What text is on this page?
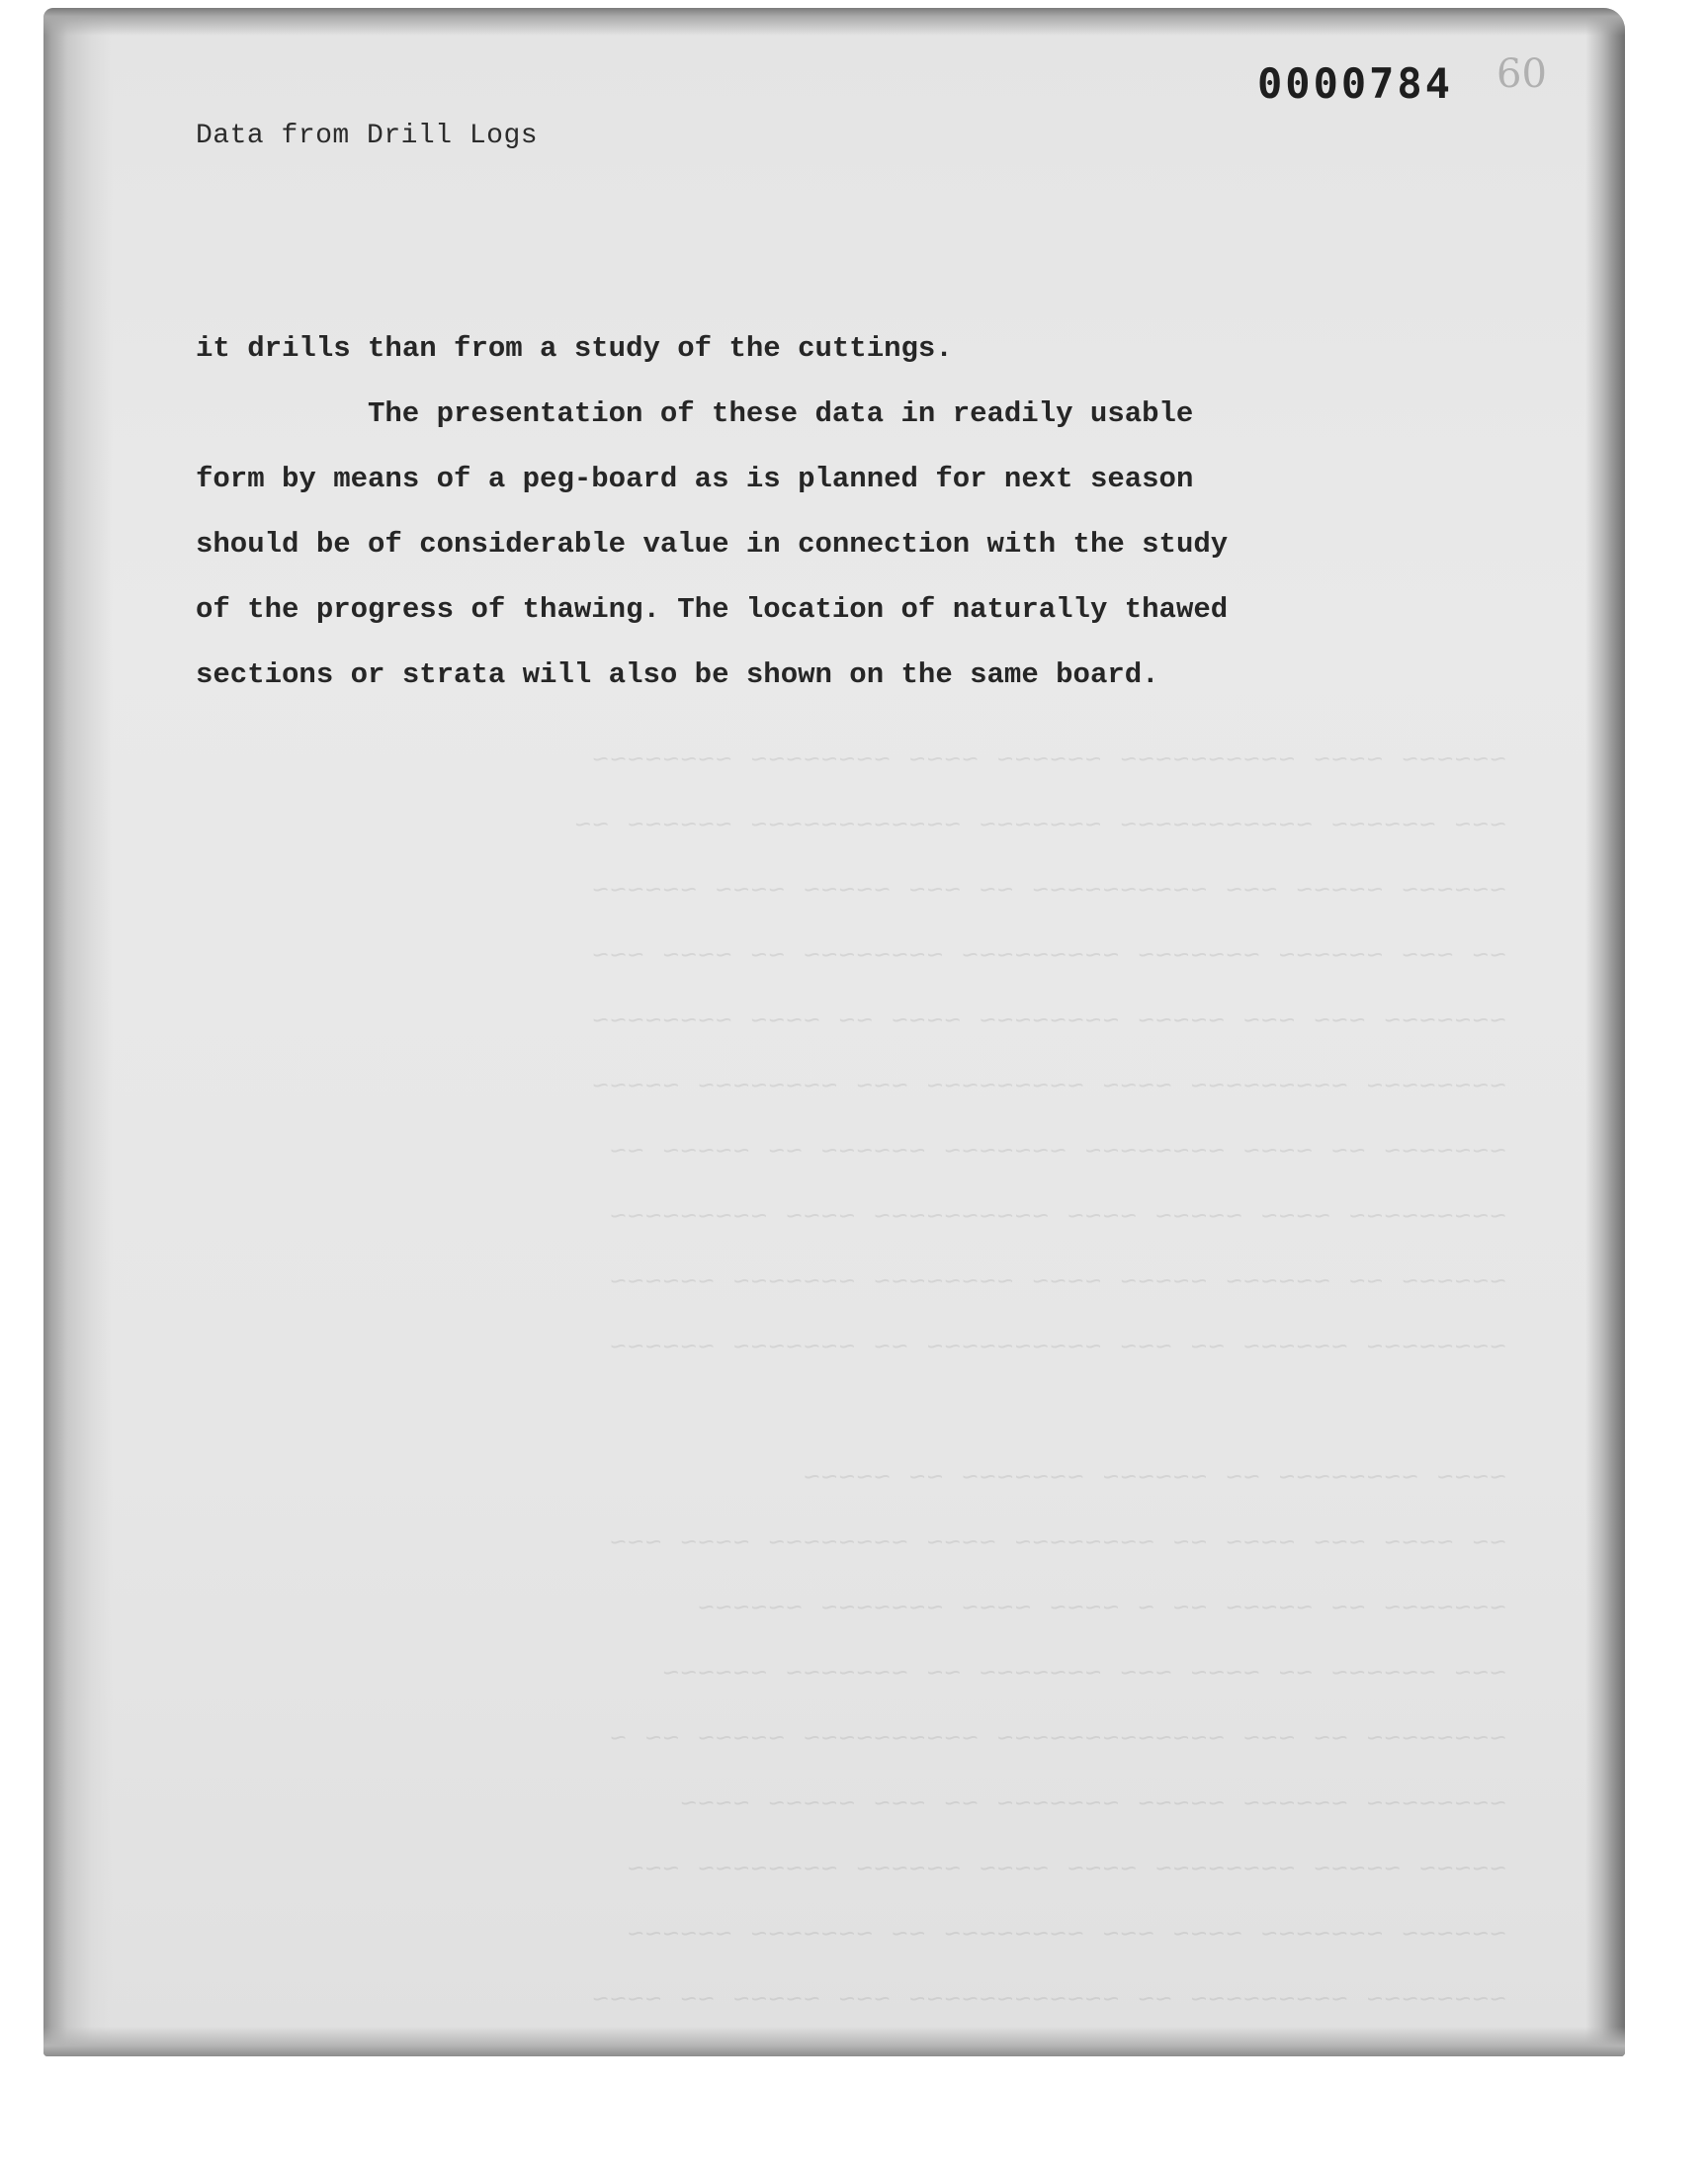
~~~~~~ ~~~~ ~~~~~~~~~~ ~~~~~~ ~~~~ ~~~~~~~~ ~~~~~~~~
~~~ ~~~~~~ ~~~~~~~~~~~ ~~~~~~~ ~~~~~~~~~~~~ ~~~~~~ ~~
~~~~~~ ~~~~~ ~~~ ~~~~~~~~~~ ~~ ~~~ ~~~~~ ~~~~ ~~~~~~
~~ ~~~ ~~~~~~ ~~~~~~~ ~~~~~~~~~ ~~~~~~~~ ~~ ~~~~ ~~~
~~~~~~~ ~~~ ~~~ ~~~~~ ~~~~~~~~ ~~~~ ~~ ~~~~ ~~~~~~~~
~~~~~~~~ ~~~~~~~~~ ~~~~ ~~~~~~~~~ ~~~ ~~~~~~~~ ~~~~~
~~~~~~~ ~~ ~~~~ ~~~~~~~~ ~~~~~~~ ~~~~~~ ~~ ~~~~~ ~~
~~~~~~~~~ ~~~~ ~~~~~ ~~~~ ~~~~~~~~~~ ~~~~ ~~~~~~~~~
~~~~~~ ~~ ~~~~~~ ~~~~~ ~~~~ ~~~~~~~~ ~~~~~~~ ~~~~~~
~~~~~~~~ ~~~~~~ ~~ ~~~ ~~~~~~~~~~ ~~ ~~~~~~~ ~~~~~~
~~~~ ~~~~~~~~ ~~ ~~~~~~ ~~~~~~~ ~~ ~~~~~
~~ ~~~~ ~~~ ~~~~ ~~ ~~~~~~~~ ~~~~ ~~~~~~~~ ~~~~ ~~~
~~~~~~~ ~~ ~~~~~ ~~ ~ ~~~~ ~~~~ ~~~~~~~ ~~~~~~
~~~ ~~~~~~ ~~ ~~~~ ~~~ ~~~~~~~ ~~ ~~~~~~~ ~~~~~~
~~~~~~~~ ~~ ~~~ ~~~~~~~~~~~~~ ~~~~~~~~~~ ~~~~~ ~~ ~
~~~~~~~~ ~~~~~~ ~~~~~ ~~~~~~~ ~~ ~~~ ~~~~~ ~~~~
~~~~~ ~~~~~ ~~~~~~~~ ~~~~ ~~~~ ~~~~~~ ~~~~~~~~ ~~~
~~~~~~ ~~~~~~~ ~~~~ ~~~ ~~~~~~~~ ~~ ~~~~~~~ ~~~~~~
~~~~~~~~ ~~~~~~~~~ ~~ ~~~~~~~~~~~~ ~~~ ~~~~~ ~~ ~~~~
60
Data from Drill Logs
0000784
it drills than from a study of the cuttings.
The presentation of these data in readily usable
form by means of a peg-board as is planned for next season
should be of considerable value in connection with the study
of the progress of thawing. The location of naturally thawed
sections or strata will also be shown on the same board.
